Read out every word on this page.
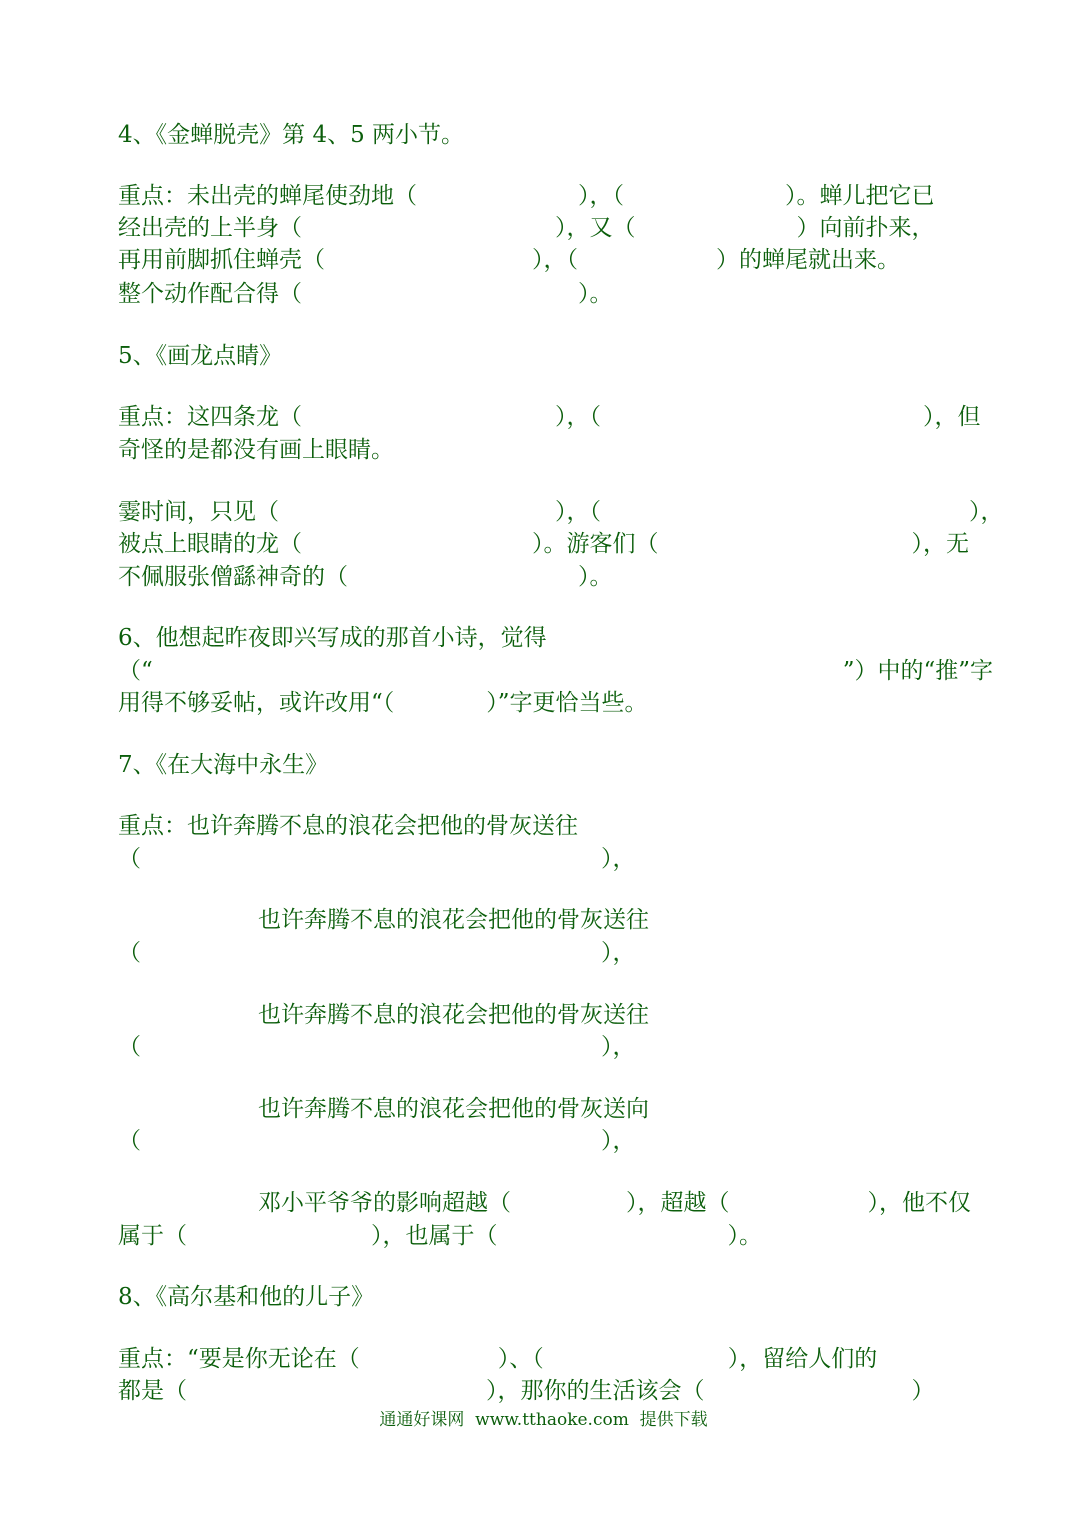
4、《金蝉脱壳》第 4、5 两小节。
重点：未出壳的蝉尾使劲地（　　　　　　　），（　　　　　　　）。蝉儿把它已
经出壳的上半身（　　　　　　　　　　　），又（　　　　　　　）向前扑来，
再用前脚抓住蝉壳（　　　　　　　　　），（　　　　　　）的蝉尾就出来。
整个动作配合得（　　　　　　　　　　　　）。
5、《画龙点睛》
重点：这四条龙（　　　　　　　　　　　），（　　　　　　　　　　　　　　），但
奇怪的是都没有画上眼睛。
霎时间，只见（　　　　　　　　　　　　），（　　　　　　　　　　　　　　　　），
被点上眼睛的龙（　　　　　　　　　　）。游客们（　　　　　　　　　　　），无
不佩服张僧繇神奇的（　　　　　　　　　　）。
6、他想起昨夜即兴写成的那首小诗，觉得
（“　　　　　　　　　　　　　　　　　　　　　　　　　　　　　　”）中的“推”字
用得不够妥帖，或许改用“（　　　　）”字更恰当些。
7、《在大海中永生》
重点：也许奔腾不息的浪花会把他的骨灰送往
（　　　　　　　　　　　　　　　　　　　　），
也许奔腾不息的浪花会把他的骨灰送往
（　　　　　　　　　　　　　　　　　　　　），
也许奔腾不息的浪花会把他的骨灰送往
（　　　　　　　　　　　　　　　　　　　　），
也许奔腾不息的浪花会把他的骨灰送向
（　　　　　　　　　　　　　　　　　　　　），
邓小平爷爷的影响超越（　　　　　），超越（　　　　　　），他不仅
属于（　　　　　　　　），也属于（　　　　　　　　　　）。
8、《高尔基和他的儿子》
重点：“要是你无论在（　　　　　　）、（　　　　　　　　），留给人们的
都是（　　　　　　　　　　　　　），那你的生活该会（　　　　　　　　　）
通通好课网  www.tthaoke.com  提供下载
